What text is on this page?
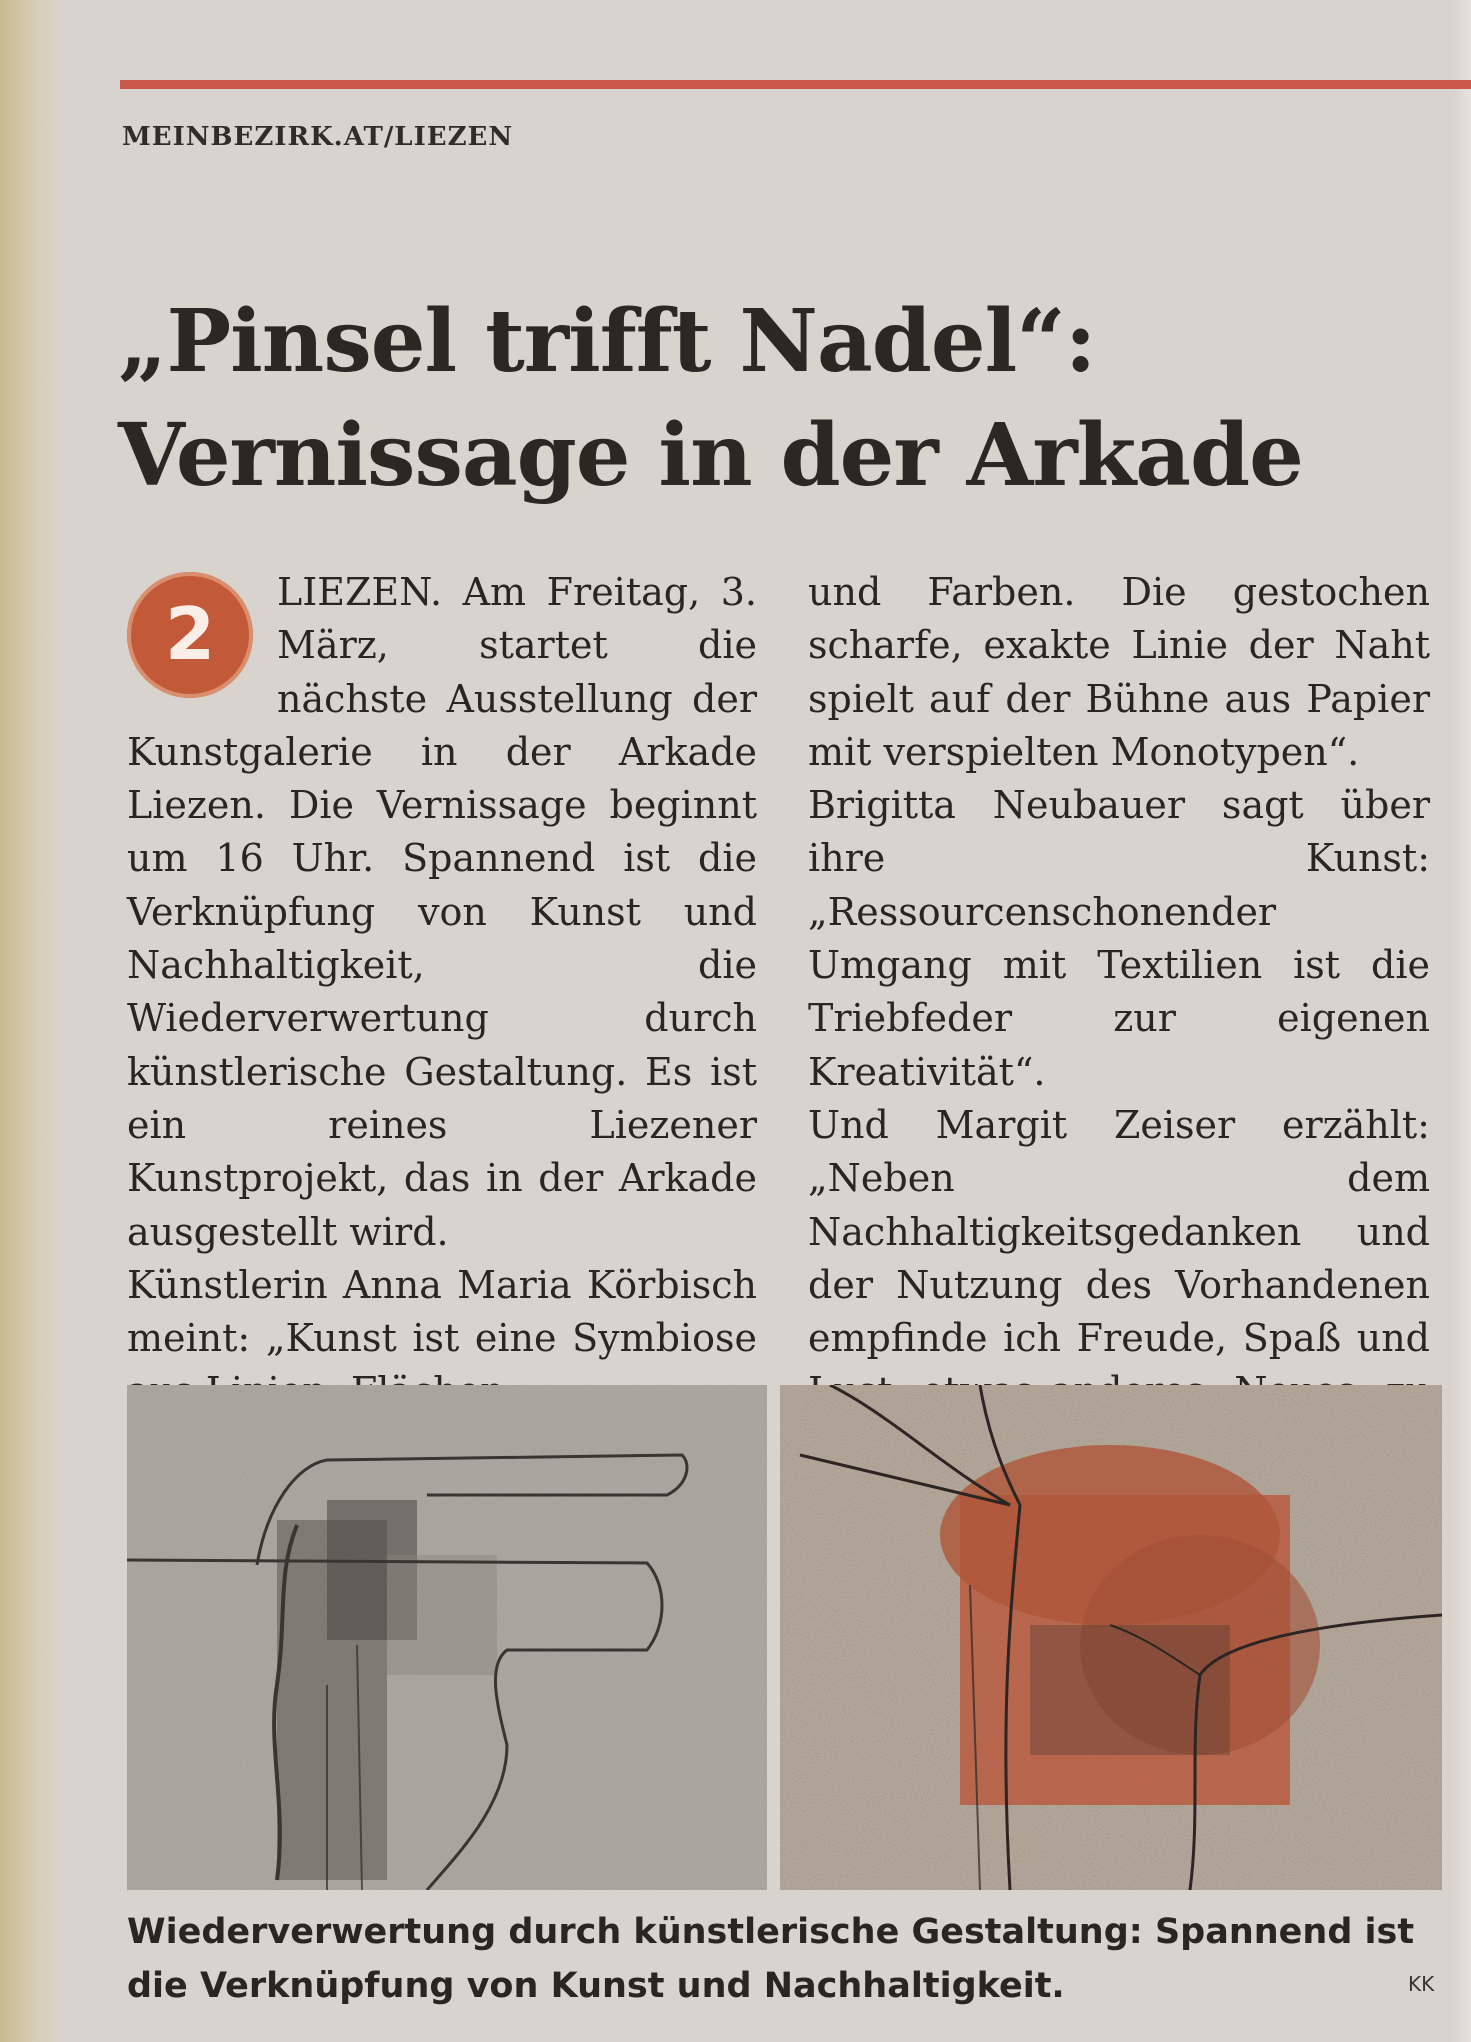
MEINBEZIRK.AT/LIEZEN
„Pinsel trifft Nadel“:
Vernissage in der Arkade
2

LIEZEN. Am Freitag, 3. März, startet die nächste Ausstellung der Kunstgalerie in der Arkade Liezen. Die Vernissage beginnt um 16 Uhr. Spannend ist die Verknüpfung von Kunst und Nachhaltigkeit, die Wiederverwertung durch künstlerische Gestaltung. Es ist ein reines Liezener Kunstprojekt, das in der Arkade ausgestellt wird.

Künstlerin Anna Maria Körbisch meint: „Kunst ist eine Symbiose

und Farben. Die gestochen scharfe, exakte Linie der Naht spielt auf der Bühne aus Papier mit verspielten Monotypen“.

Brigitta Neubauer sagt über ihre Kunst: „Ressourcenschonender Umgang mit Textilien ist die Triebfeder zur eigenen Kreativität“.

Und Margit Zeiser erzählt: „Neben dem Nachhaltigkeitsgedanken und der Nutzung des Vorhandenen empfinde ich Freude, Spaß und

Wiederverwertung durch künstlerische Gestaltung: Spannend ist die Verknüpfung von Kunst und Nachhaltigkeit.	KK
